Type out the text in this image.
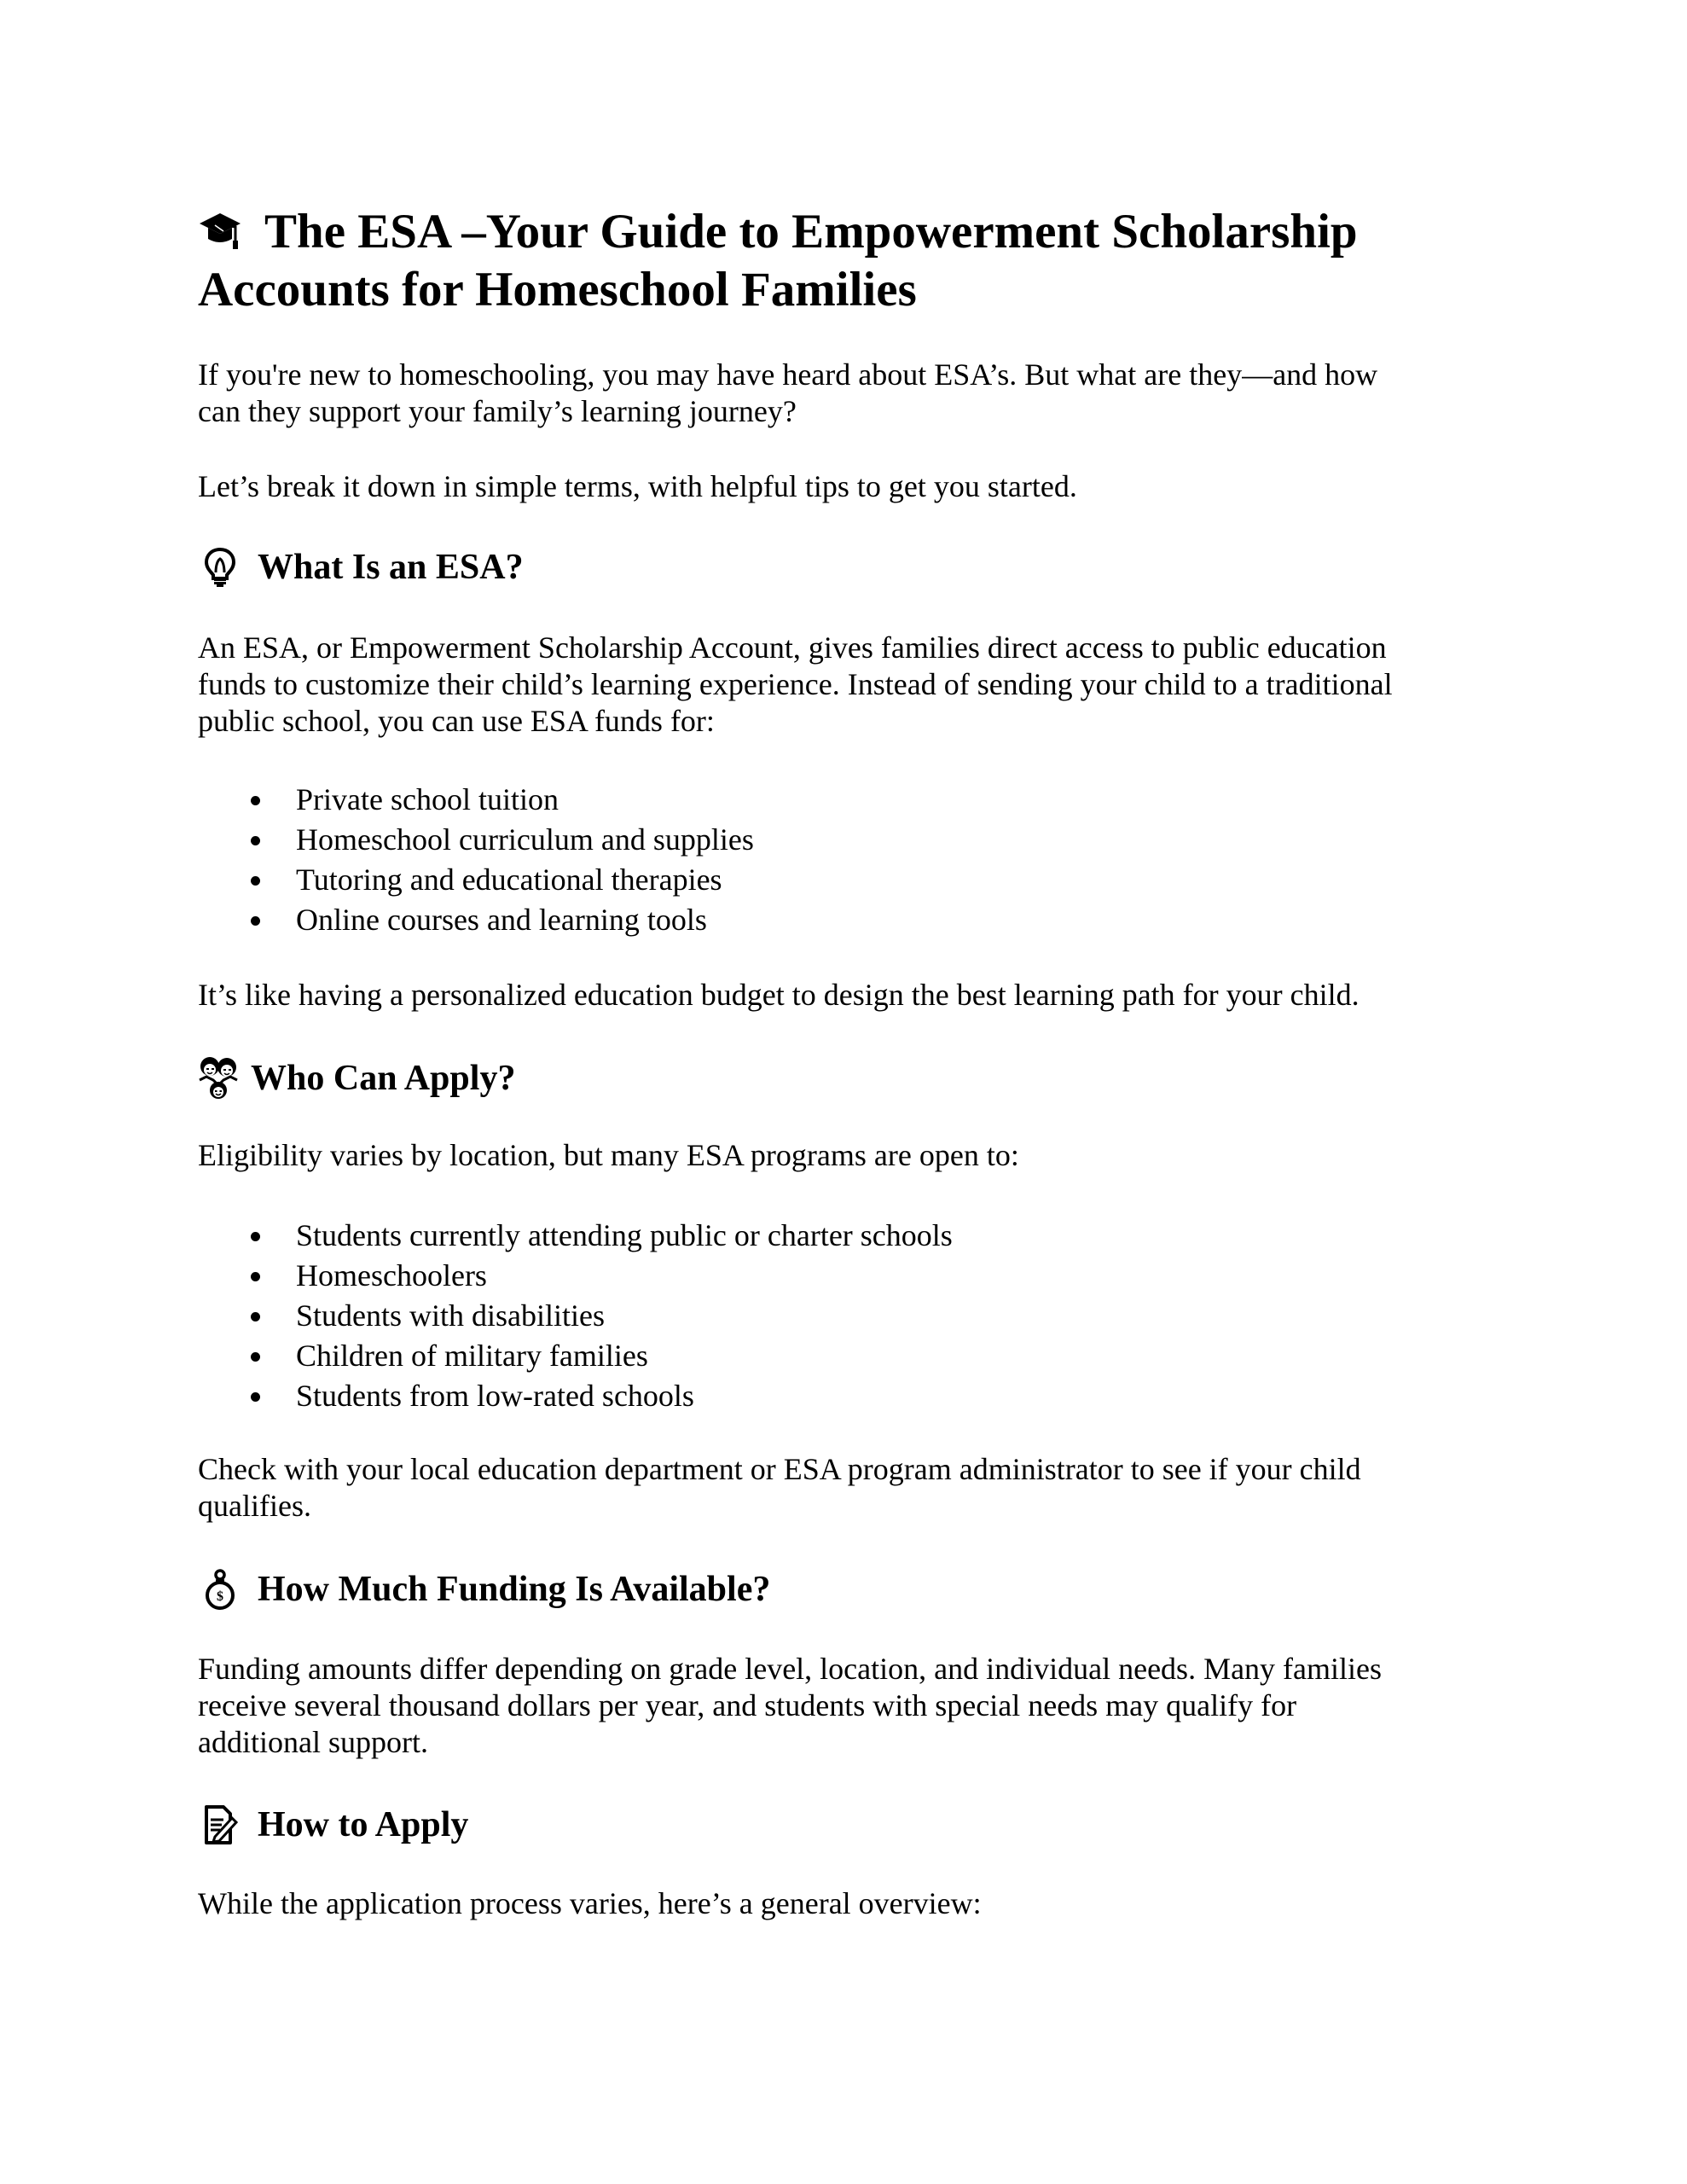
The ESA –Your Guide to Empowerment Scholarship
Accounts for Homeschool Families
If you're new to homeschooling, you may have heard about ESA’s. But what are they—and how
can they support your family’s learning journey?
Let’s break it down in simple terms, with helpful tips to get you started.
What Is an ESA?
An ESA, or Empowerment Scholarship Account, gives families direct access to public education
funds to customize their child’s learning experience. Instead of sending your child to a traditional
public school, you can use ESA funds for:
Private school tuition
Homeschool curriculum and supplies
Tutoring and educational therapies
Online courses and learning tools
It’s like having a personalized education budget to design the best learning path for your child.
Who Can Apply?
Eligibility varies by location, but many ESA programs are open to:
Students currently attending public or charter schools
Homeschoolers
Students with disabilities
Children of military families
Students from low-rated schools
Check with your local education department or ESA program administrator to see if your child
qualifies.
$ How Much Funding Is Available?
Funding amounts differ depending on grade level, location, and individual needs. Many families
receive several thousand dollars per year, and students with special needs may qualify for
additional support.
How to Apply
While the application process varies, here’s a general overview:
